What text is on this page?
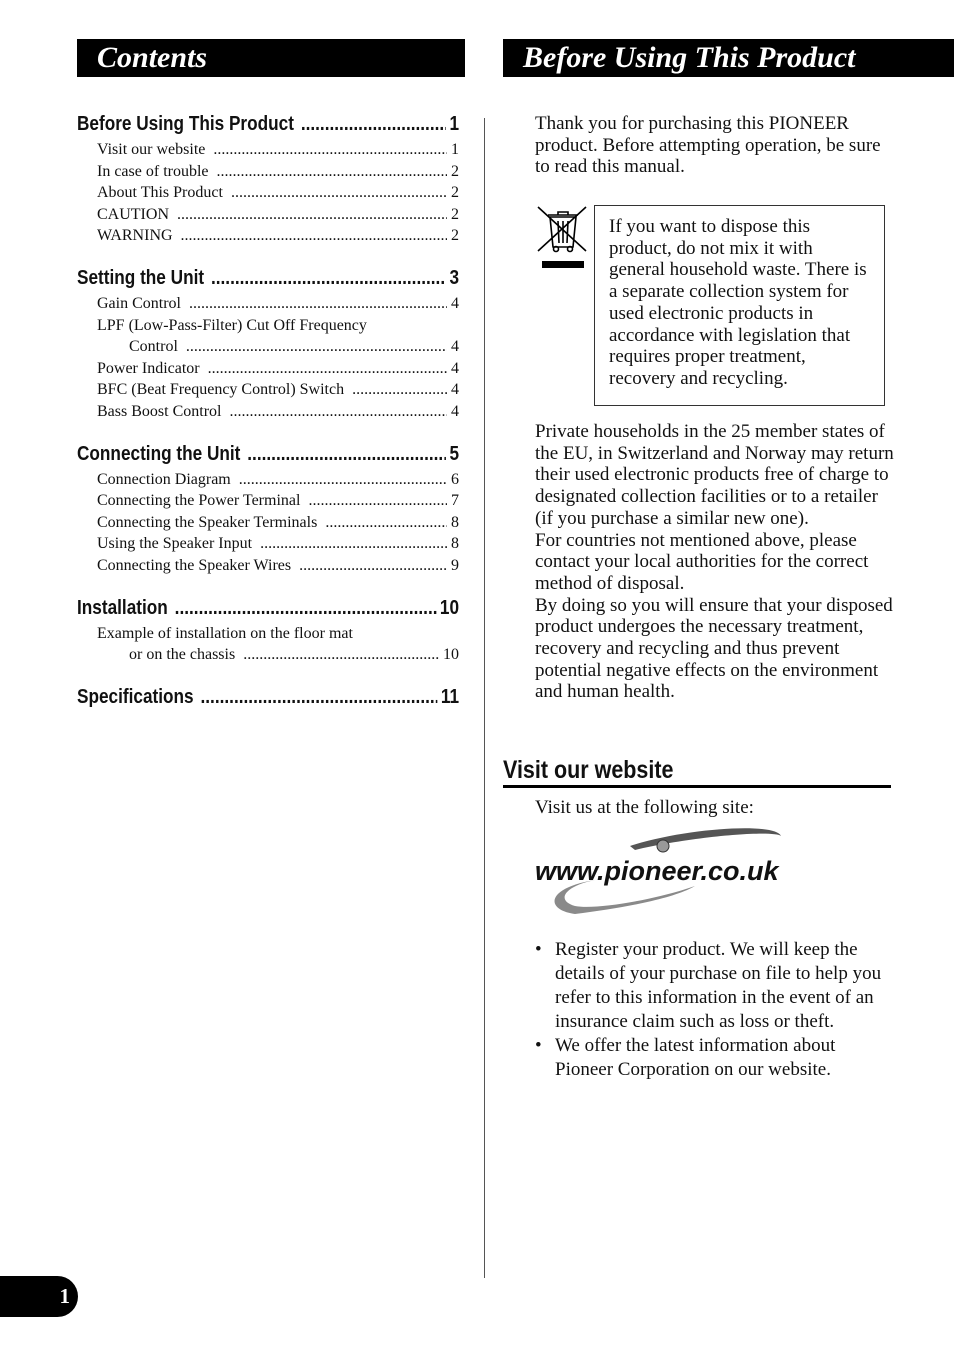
Contents	Before Using This Product
Before Using This Product .....	1
Visit our website .....	1
In case of trouble .....	2
About This Product .....	2
CAUTION .....	2
WARNING .....	2
Setting the Unit .....	3
Gain Control .....	4
LPF (Low-Pass-Filter) Cut Off Frequency
Control .....	4
Power Indicator .....	4
BFC (Beat Frequency Control) Switch .....	4
Bass Boost Control .....	4
Connecting the Unit .....	5
Connection Diagram .....	6
Connecting the Power Terminal .....	7
Connecting the Speaker Terminals .....	8
Using the Speaker Input .....	8
Connecting the Speaker Wires .....	9
Installation .....	10
Example of installation on the floor mat
or on the chassis .....	10
Specifications .....	11
Thank you for purchasing this PIONEER product. Before attempting operation, be sure to read this manual.
If you want to dispose this product, do not mix it with general household waste. There is a separate collection system for used electronic products in accordance with legislation that requires proper treatment, recovery and recycling.
Private households in the 25 member states of the EU, in Switzerland and Norway may return their used electronic products free of charge to designated collection facilities or to a retailer (if you purchase a similar new one).
For countries not mentioned above, please contact your local authorities for the correct method of disposal.
By doing so you will ensure that your disposed product undergoes the necessary treatment, recovery and recycling and thus prevent potential negative effects on the environment and human health.
Visit our website
Visit us at the following site:
www.pioneer.co.uk
• Register your product. We will keep the details of your purchase on file to help you refer to this information in the event of an insurance claim such as loss or theft.
• We offer the latest information about Pioneer Corporation on our website.
1
